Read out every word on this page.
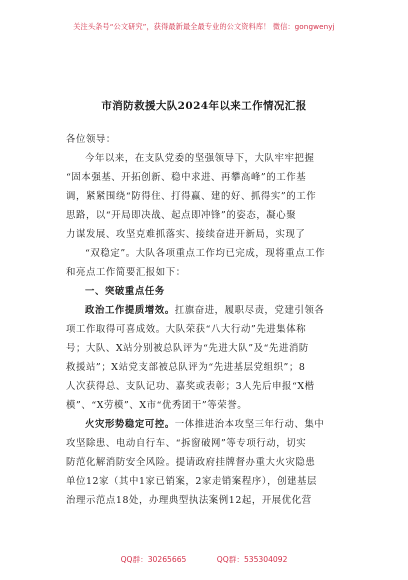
关注头条号“公文研究”，获得最新最全最专业的公文资料库！ 微信：gongwenyj
市消防救援大队2024年以来工作情况汇报
各位领导：
今年以来，在支队党委的坚强领导下，大队牢牢把握
“固本强基、开拓创新、稳中求进、再攀高峰”的工作基
调，紧紧围绕“防得住、打得赢、建的好、抓得实”的工作
思路，以“开局即决战、起点即冲锋”的姿态，凝心聚
力谋发展、攻坚克难抓落实、接续奋进开新局，实现了
“双稳定”。大队各项重点工作均已完成，现将重点工作
和亮点工作简要汇报如下：
一、突破重点任务
政治工作提质增效。扛旗奋进，履职尽责，党建引领各
项工作取得可喜成效。大队荣获“八大行动”先进集体称
号；大队、X站分别被总队评为“先进大队”及“先进消防
救援站”；X站党支部被总队评为“先进基层党组织”；8
人次获得总、支队记功、嘉奖或表彰；3人先后申报“X楷
模”、“X劳模”、X市“优秀团干”等荣誉。
火灾形势稳定可控。一体推进治本攻坚三年行动、集中
攻坚除患、电动自行车、“拆窗破网”等专项行动，切实
防范化解消防安全风险。提请政府挂牌督办重大火灾隐患
单位12家（其中1家已销案，2家走销案程序），创建基层
治理示范点18处，办理典型执法案例12起，开展优化营
QQ群：30265665	QQ群：535304092
